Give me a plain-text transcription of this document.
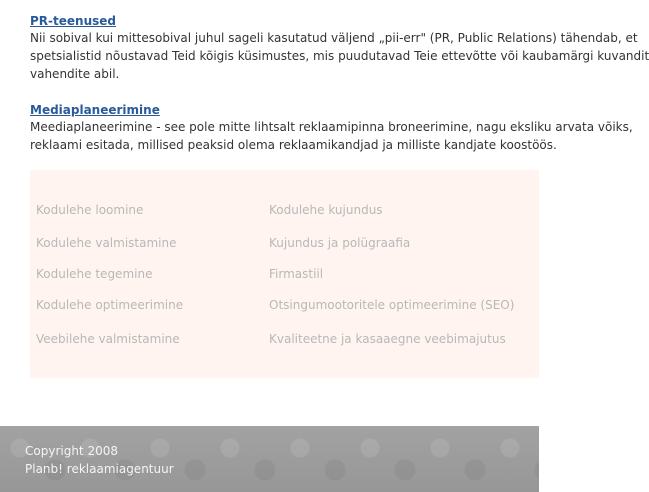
PR-teenused
Nii sobival kui mittesobival juhul sageli kasutatud väljend „pii-err" (PR, Public Relations) tähendab, et
spetsialistid nõustavad Teid kõigis küsimustes, mis puudutavad Teie ettevõtte või kaubamärgi kuvandit
vahendite abil.
Mediaplaneerimine
Meediaplaneerimine - see pole mitte lihtsalt reklaamipinna broneerimine, nagu eksliku arvata võiks,
reklaami esitada, millised peaksid olema reklaamikandjad ja milliste kandjate koostöös.
Kodulehe loomine
Kodulehe valmistamine
Kodulehe tegemine
Kodulehe optimeerimine
Veebilehe valmistamine
Kodulehe kujundus
Kujundus ja polügraafia
Firmastiil
Otsingumootoritele optimeerimine (SEO)
Kvaliteetne ja kasaaegne veebimajutus
Copyright 2008
Planb! reklaamiagentuur
